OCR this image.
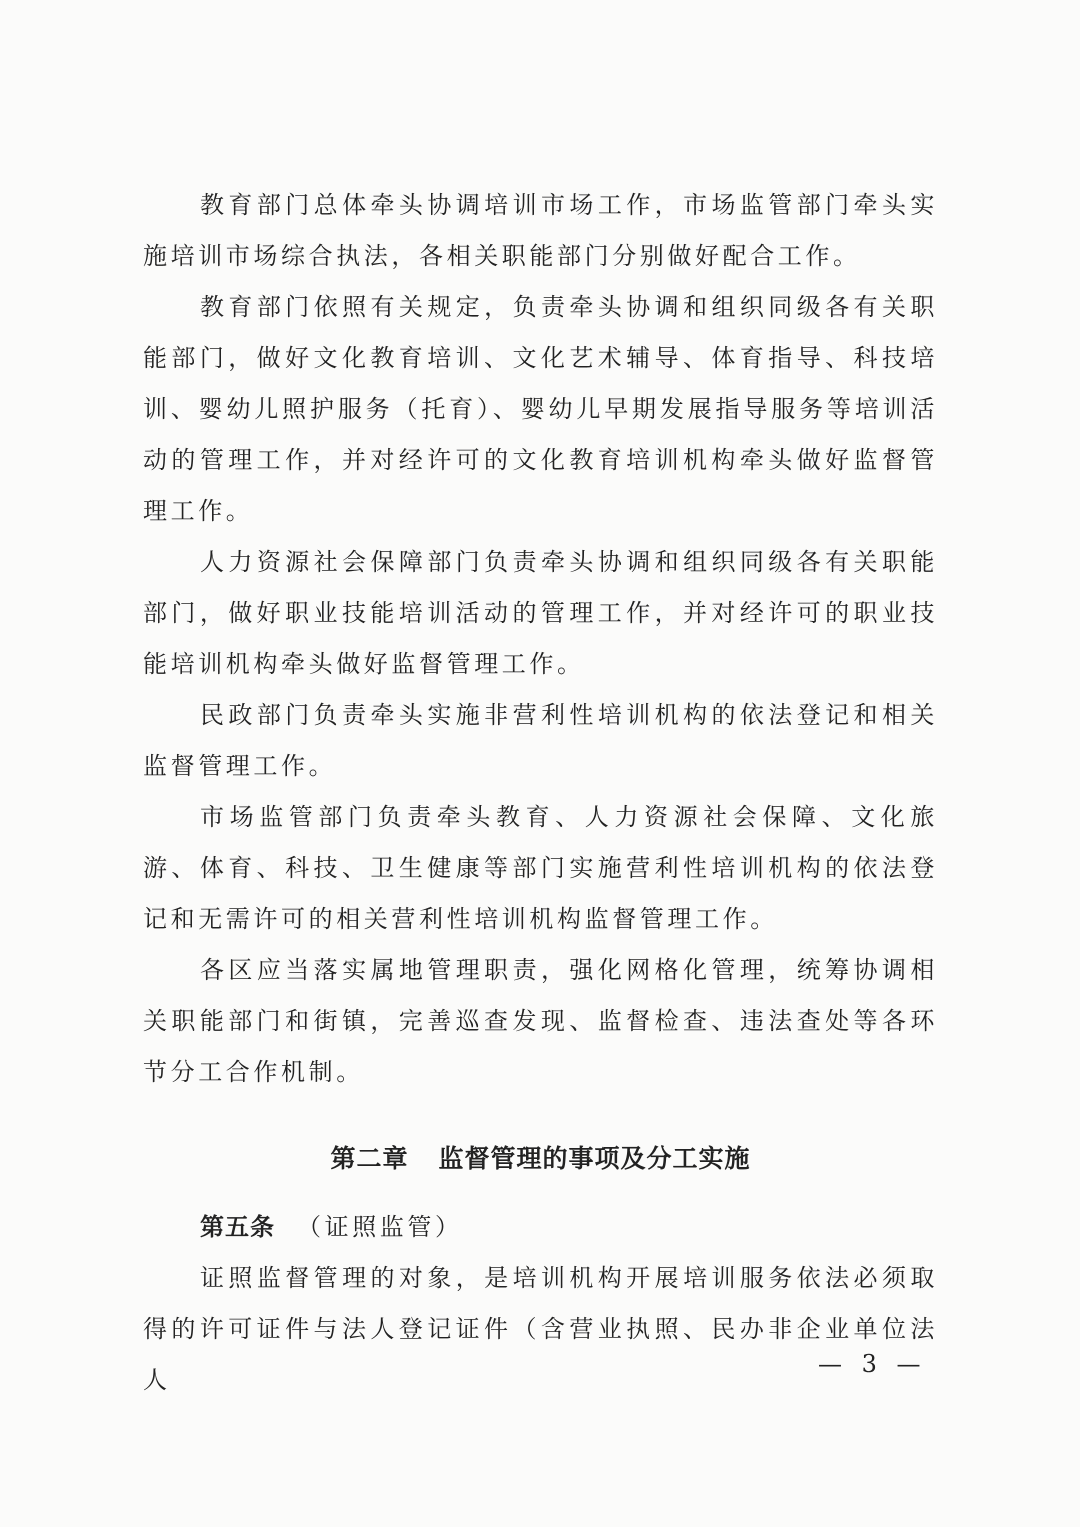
教育部门总体牵头协调培训市场工作，市场监管部门牵头实施培训市场综合执法，各相关职能部门分别做好配合工作。

教育部门依照有关规定，负责牵头协调和组织同级各有关职能部门，做好文化教育培训、文化艺术辅导、体育指导、科技培训、婴幼儿照护服务（托育）、婴幼儿早期发展指导服务等培训活动的管理工作，并对经许可的文化教育培训机构牵头做好监督管理工作。

人力资源社会保障部门负责牵头协调和组织同级各有关职能部门，做好职业技能培训活动的管理工作，并对经许可的职业技能培训机构牵头做好监督管理工作。

民政部门负责牵头实施非营利性培训机构的依法登记和相关监督管理工作。

市场监管部门负责牵头教育、人力资源社会保障、文化旅游、体育、科技、卫生健康等部门实施营利性培训机构的依法登记和无需许可的相关营利性培训机构监督管理工作。

各区应当落实属地管理职责，强化网格化管理，统筹协调相关职能部门和街镇，完善巡查发现、监督检查、违法查处等各环节分工合作机制。

第二章 监督管理的事项及分工实施
第五条 （证照监管）

证照监督管理的对象，是培训机构开展培训服务依法必须取得的许可证件与法人登记证件（含营业执照、民办非企业单位法人

— 3 —
